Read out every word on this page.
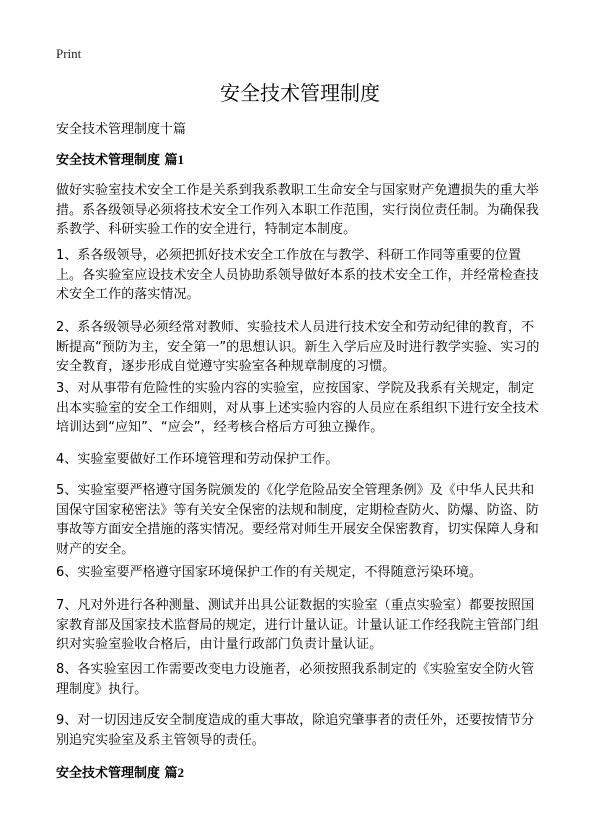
Print
安全技术管理制度
安全技术管理制度十篇
安全技术管理制度 篇1

做好实验室技术安全工作是关系到我系教职工生命安全与国家财产免遭损失的重大举措。系各级领导必须将技术安全工作列入本职工作范围，实行岗位责任制。为确保我系教学、科研实验工作的安全进行，特制定本制度。

1、系各级领导，必须把抓好技术安全工作放在与教学、科研工作同等重要的位置上。各实验室应设技术安全人员协助系领导做好本系的技术安全工作，并经常检查技术安全工作的落实情况。

2、系各级领导必须经常对教师、实验技术人员进行技术安全和劳动纪律的教育，不断提高“预防为主，安全第一”的思想认识。新生入学后应及时进行教学实验、实习的安全教育，逐步形成自觉遵守实验室各种规章制度的习惯。

3、对从事带有危险性的实验内容的实验室，应按国家、学院及我系有关规定，制定出本实验室的安全工作细则，对从事上述实验内容的人员应在系组织下进行安全技术培训达到“应知”、“应会”，经考核合格后方可独立操作。

4、实验室要做好工作环境管理和劳动保护工作。

5、实验室要严格遵守国务院颁发的《化学危险品安全管理条例》及《中华人民共和国保守国家秘密法》等有关安全保密的法规和制度，定期检查防火、防爆、防盗、防事故等方面安全措施的落实情况。要经常对师生开展安全保密教育，切实保障人身和财产的安全。

6、实验室要严格遵守国家环境保护工作的有关规定，不得随意污染环境。

7、凡对外进行各种测量、测试并出具公证数据的实验室（重点实验室）都要按照国家教育部及国家技术监督局的规定，进行计量认证。计量认证工作经我院主管部门组织对实验室验收合格后，由计量行政部门负责计量认证。

8、各实验室因工作需要改变电力设施者，必须按照我系制定的《实验室安全防火管理制度》执行。

9、对一切因违反安全制度造成的重大事故，除追究肇事者的责任外，还要按情节分别追究实验室及系主管领导的责任。

安全技术管理制度 篇2
